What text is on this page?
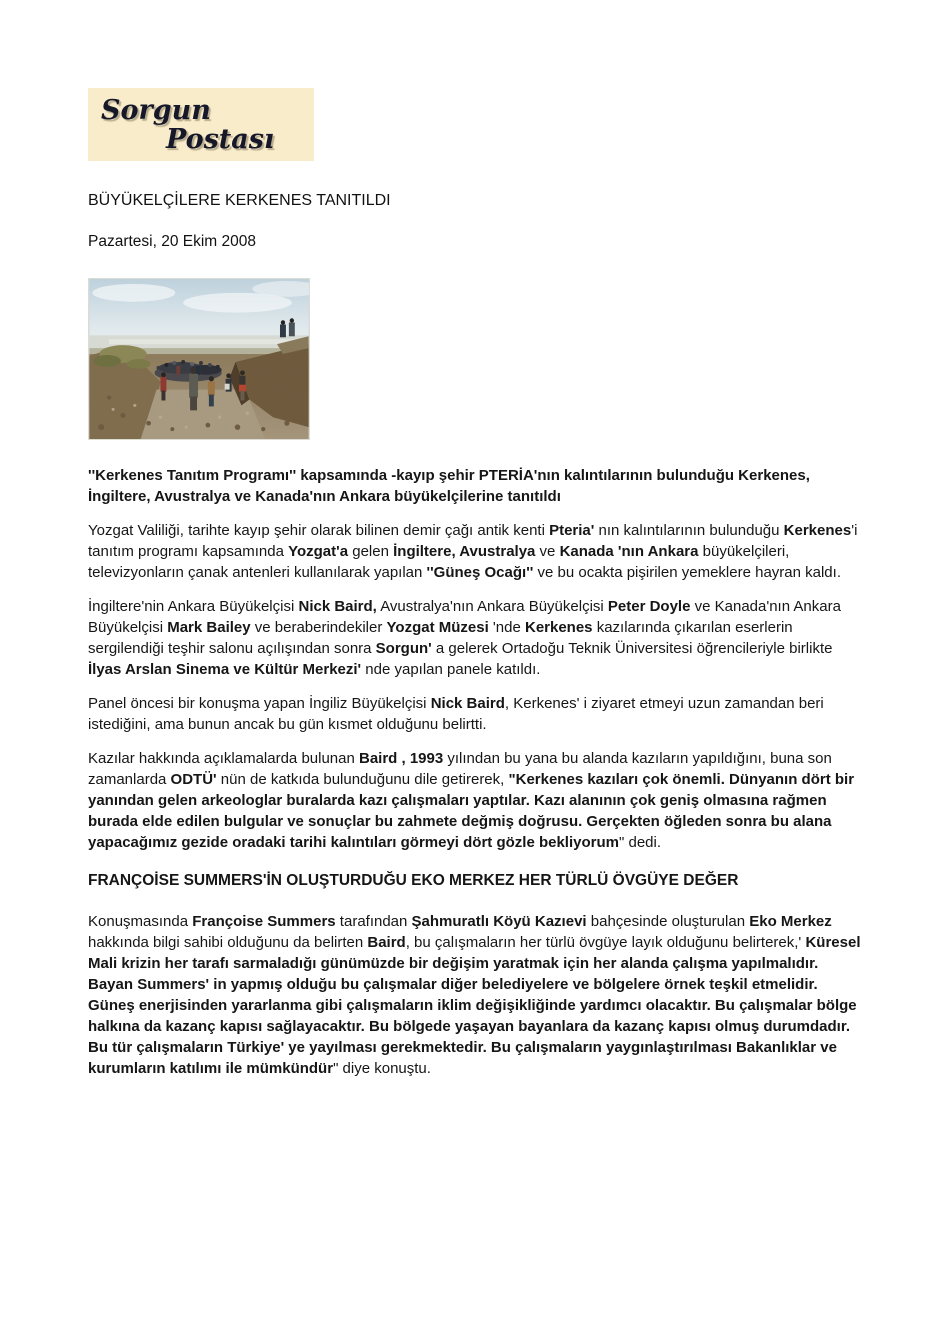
Sorgun
Postası
BÜYÜKELÇİLERE KERKENES TANITILDI
Pazartesi, 20 Ekim 2008

''Kerkenes Tanıtım Programı'' kapsamında -kayıp şehir PTERİA'nın kalıntılarının bulunduğu Kerkenes, İngiltere, Avustralya ve Kanada'nın Ankara büyükelçilerine tanıtıldı

Yozgat Valiliği, tarihte kayıp şehir olarak bilinen demir çağı antik kenti Pteria' nın kalıntılarının bulunduğu Kerkenes'i tanıtım programı kapsamında Yozgat'a gelen İngiltere, Avustralya ve Kanada 'nın Ankara büyükelçileri, televizyonların çanak antenleri kullanılarak yapılan ''Güneş Ocağı'' ve bu ocakta pişirilen yemeklere hayran kaldı.

İngiltere'nin Ankara Büyükelçisi Nick Baird, Avustralya'nın Ankara Büyükelçisi Peter Doyle ve Kanada'nın Ankara Büyükelçisi Mark Bailey ve beraberindekiler Yozgat Müzesi 'nde Kerkenes kazılarında çıkarılan eserlerin sergilendiği teşhir salonu açılışından sonra Sorgun' a gelerek Ortadoğu Teknik Üniversitesi öğrencileriyle birlikte İlyas Arslan Sinema ve Kültür Merkezi' nde yapılan panele katıldı.

Panel öncesi bir konuşma yapan İngiliz Büyükelçisi Nick Baird, Kerkenes' i ziyaret etmeyi uzun zamandan beri istediğini, ama bunun ancak bu gün kısmet olduğunu belirtti.

Kazılar hakkında açıklamalarda bulunan Baird , 1993 yılından bu yana bu alanda kazıların yapıldığını, buna son zamanlarda ODTÜ' nün de katkıda bulunduğunu dile getirerek, "Kerkenes kazıları çok önemli. Dünyanın dört bir yanından gelen arkeologlar buralarda kazı çalışmaları yaptılar. Kazı alanının çok geniş olmasına rağmen burada elde edilen bulgular ve sonuçlar bu zahmete değmiş doğrusu. Gerçekten öğleden sonra bu alana yapacağımız gezide oradaki tarihi kalıntıları görmeyi dört gözle bekliyorum" dedi.

FRANÇOİSE SUMMERS'İN OLUŞTURDUĞU EKO MERKEZ HER TÜRLÜ ÖVGÜYE DEĞER

Konuşmasında Françoise Summers tarafından Şahmuratlı Köyü Kazıevi bahçesinde oluşturulan Eko Merkez hakkında bilgi sahibi olduğunu da belirten Baird, bu çalışmaların her türlü övgüye layık olduğunu belirterek,' Küresel Mali krizin her tarafı sarmaladığı günümüzde bir değişim yaratmak için her alanda çalışma yapılmalıdır. Bayan Summers' in yapmış olduğu bu çalışmalar diğer belediyelere ve bölgelere örnek teşkil etmelidir. Güneş enerjisinden yararlanma gibi çalışmaların iklim değişikliğinde yardımcı olacaktır. Bu çalışmalar bölge halkına da kazanç kapısı sağlayacaktır. Bu bölgede yaşayan bayanlara da kazanç kapısı olmuş durumdadır. Bu tür çalışmaların Türkiye' ye yayılması gerekmektedir. Bu çalışmaların yaygınlaştırılması Bakanlıklar ve kurumların katılımı ile mümkündür" diye konuştu.
